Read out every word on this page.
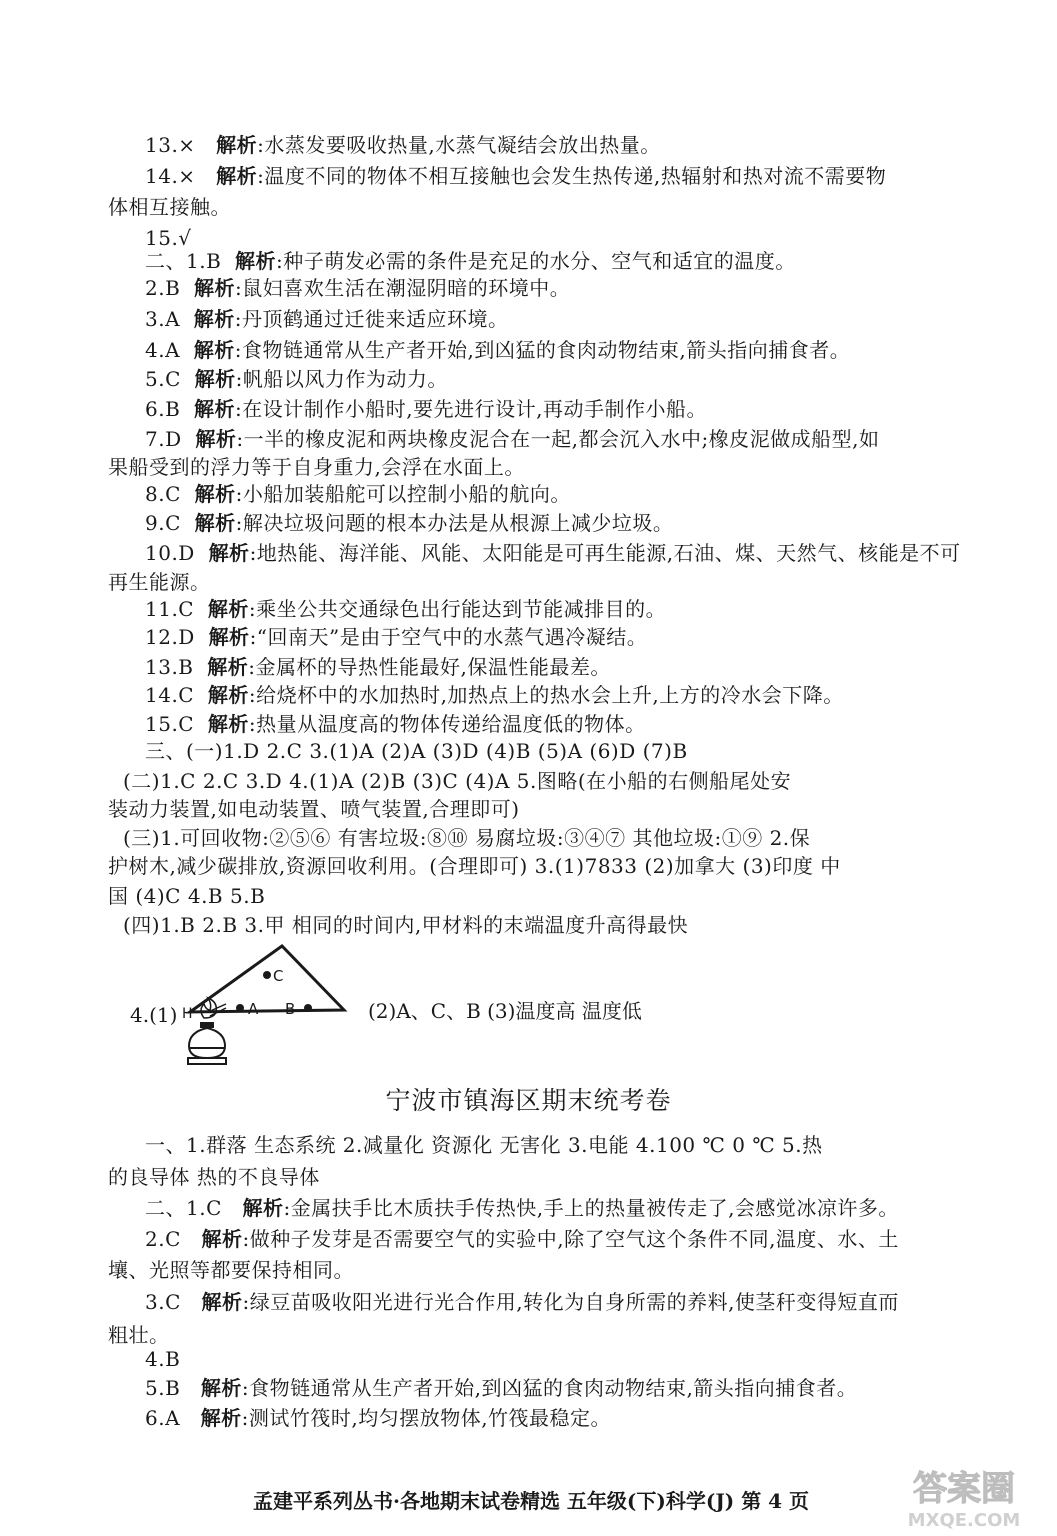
13.× 解析:水蒸发要吸收热量,水蒸气凝结会放出热量。
14.× 解析:温度不同的物体不相互接触也会发生热传递,热辐射和热对流不需要物
体相互接触。
15.√
二、1.B 解析:种子萌发必需的条件是充足的水分、空气和适宜的温度。
2.B 解析:鼠妇喜欢生活在潮湿阴暗的环境中。
3.A 解析:丹顶鹤通过迁徙来适应环境。
4.A 解析:食物链通常从生产者开始,到凶猛的食肉动物结束,箭头指向捕食者。
5.C 解析:帆船以风力作为动力。
6.B 解析:在设计制作小船时,要先进行设计,再动手制作小船。
7.D 解析:一半的橡皮泥和两块橡皮泥合在一起,都会沉入水中;橡皮泥做成船型,如
果船受到的浮力等于自身重力,会浮在水面上。
8.C 解析:小船加装船舵可以控制小船的航向。
9.C 解析:解决垃圾问题的根本办法是从根源上减少垃圾。
10.D 解析:地热能、海洋能、风能、太阳能是可再生能源,石油、煤、天然气、核能是不可
再生能源。
11.C 解析:乘坐公共交通绿色出行能达到节能减排目的。
12.D 解析:“回南天”是由于空气中的水蒸气遇冷凝结。
13.B 解析:金属杯的导热性能最好,保温性能最差。
14.C 解析:给烧杯中的水加热时,加热点上的热水会上升,上方的冷水会下降。
15.C 解析:热量从温度高的物体传递给温度低的物体。
三、(一)1.D 2.C 3.(1)A (2)A (3)D (4)B (5)A (6)D (7)B
(二)1.C 2.C 3.D 4.(1)A (2)B (3)C (4)A 5.图略(在小船的右侧船尾处安
装动力装置,如电动装置、喷气装置,合理即可)
(三)1.可回收物:②⑤⑥ 有害垃圾:⑧⑩ 易腐垃圾:③④⑦ 其他垃圾:①⑨ 2.保
护树木,减少碳排放,资源回收利用。(合理即可) 3.(1)7833 (2)加拿大 (3)印度 中
国 (4)C 4.B 5.B
(四)1.B 2.B 3.甲 相同的时间内,甲材料的末端温度升高得最快
4.(1)
C
A B
H	(2)A、C、B (3)温度高 温度低
宁波市镇海区期末统考卷
一、1.群落 生态系统 2.减量化 资源化 无害化 3.电能 4.100 ℃ 0 ℃ 5.热
的良导体 热的不良导体
二、1.C 解析:金属扶手比木质扶手传热快,手上的热量被传走了,会感觉冰凉许多。
2.C 解析:做种子发芽是否需要空气的实验中,除了空气这个条件不同,温度、水、土
壤、光照等都要保持相同。
3.C 解析:绿豆苗吸收阳光进行光合作用,转化为自身所需的养料,使茎秆变得短直而
粗壮。
4.B
5.B 解析:食物链通常从生产者开始,到凶猛的食肉动物结束,箭头指向捕食者。
6.A 解析:测试竹筏时,均匀摆放物体,竹筏最稳定。
孟建平系列丛书·各地期末试卷精选 五年级(下)科学(J) 第 4 页	答案圈
MXQE.COM
